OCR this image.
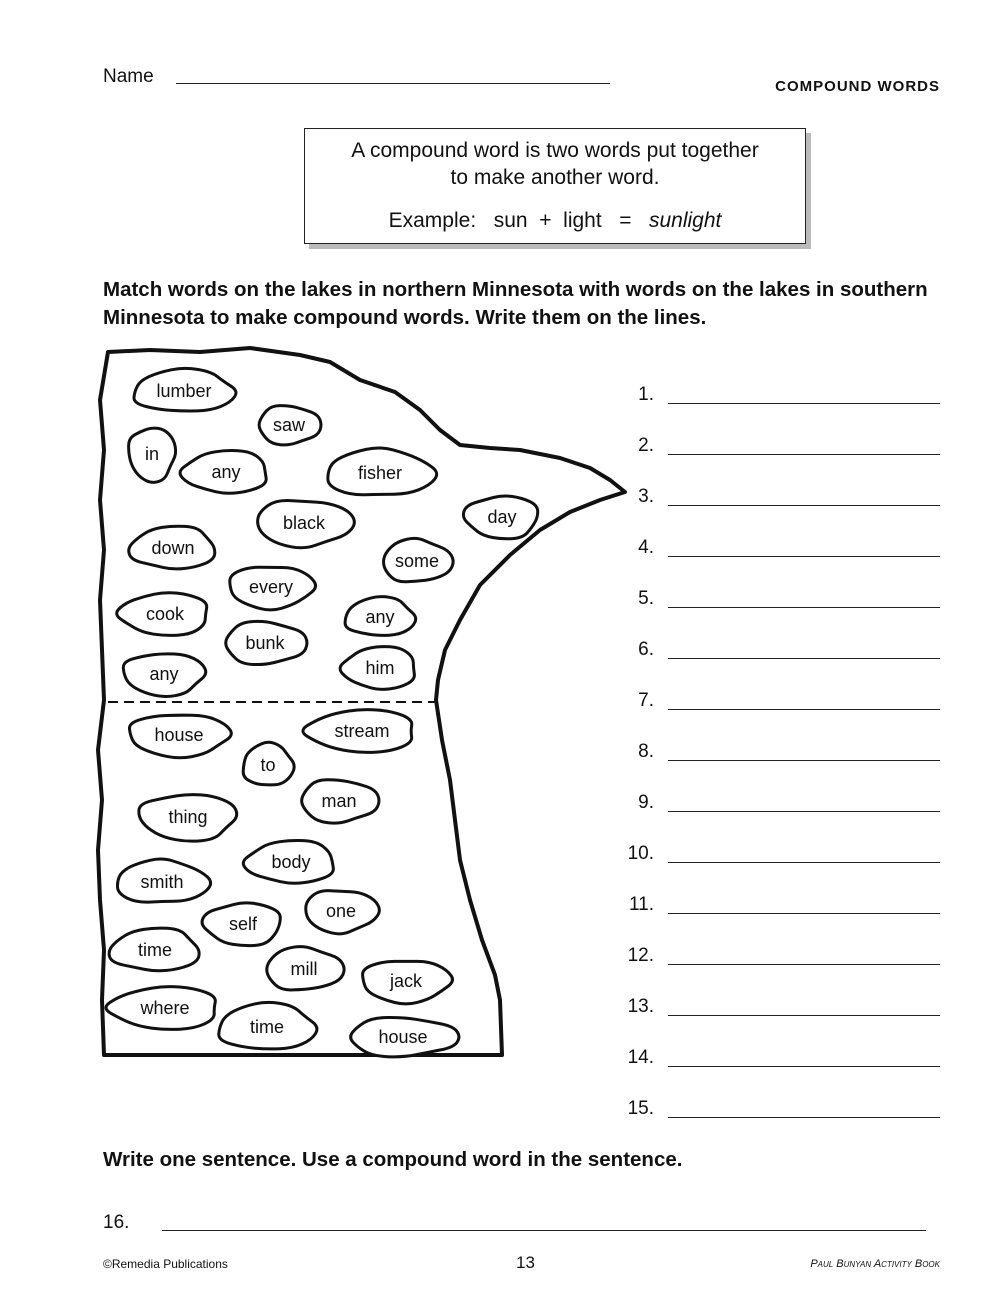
Name	COMPOUND WORDS
A compound word is two words put together
to make another word.
Example: sun + light = sunlight
Match words on the lakes in northern Minnesota with words on the lakes in southern Minnesota to make compound words. Write them on the lines.
lumber
saw
in
any	fisher
black	day
down
some
every
cook	any
bunk
any	him
house	stream
to
man
thing
body
smith
one
self
time
mill
jack
where
time	house
1.
2.
3.
4.
5.
6.
7.
8.
9.
10.
11.
12.
13.
14.
15.
Write one sentence. Use a compound word in the sentence.
16.
©Remedia Publications	13	Paul Bunyan Activity Book
